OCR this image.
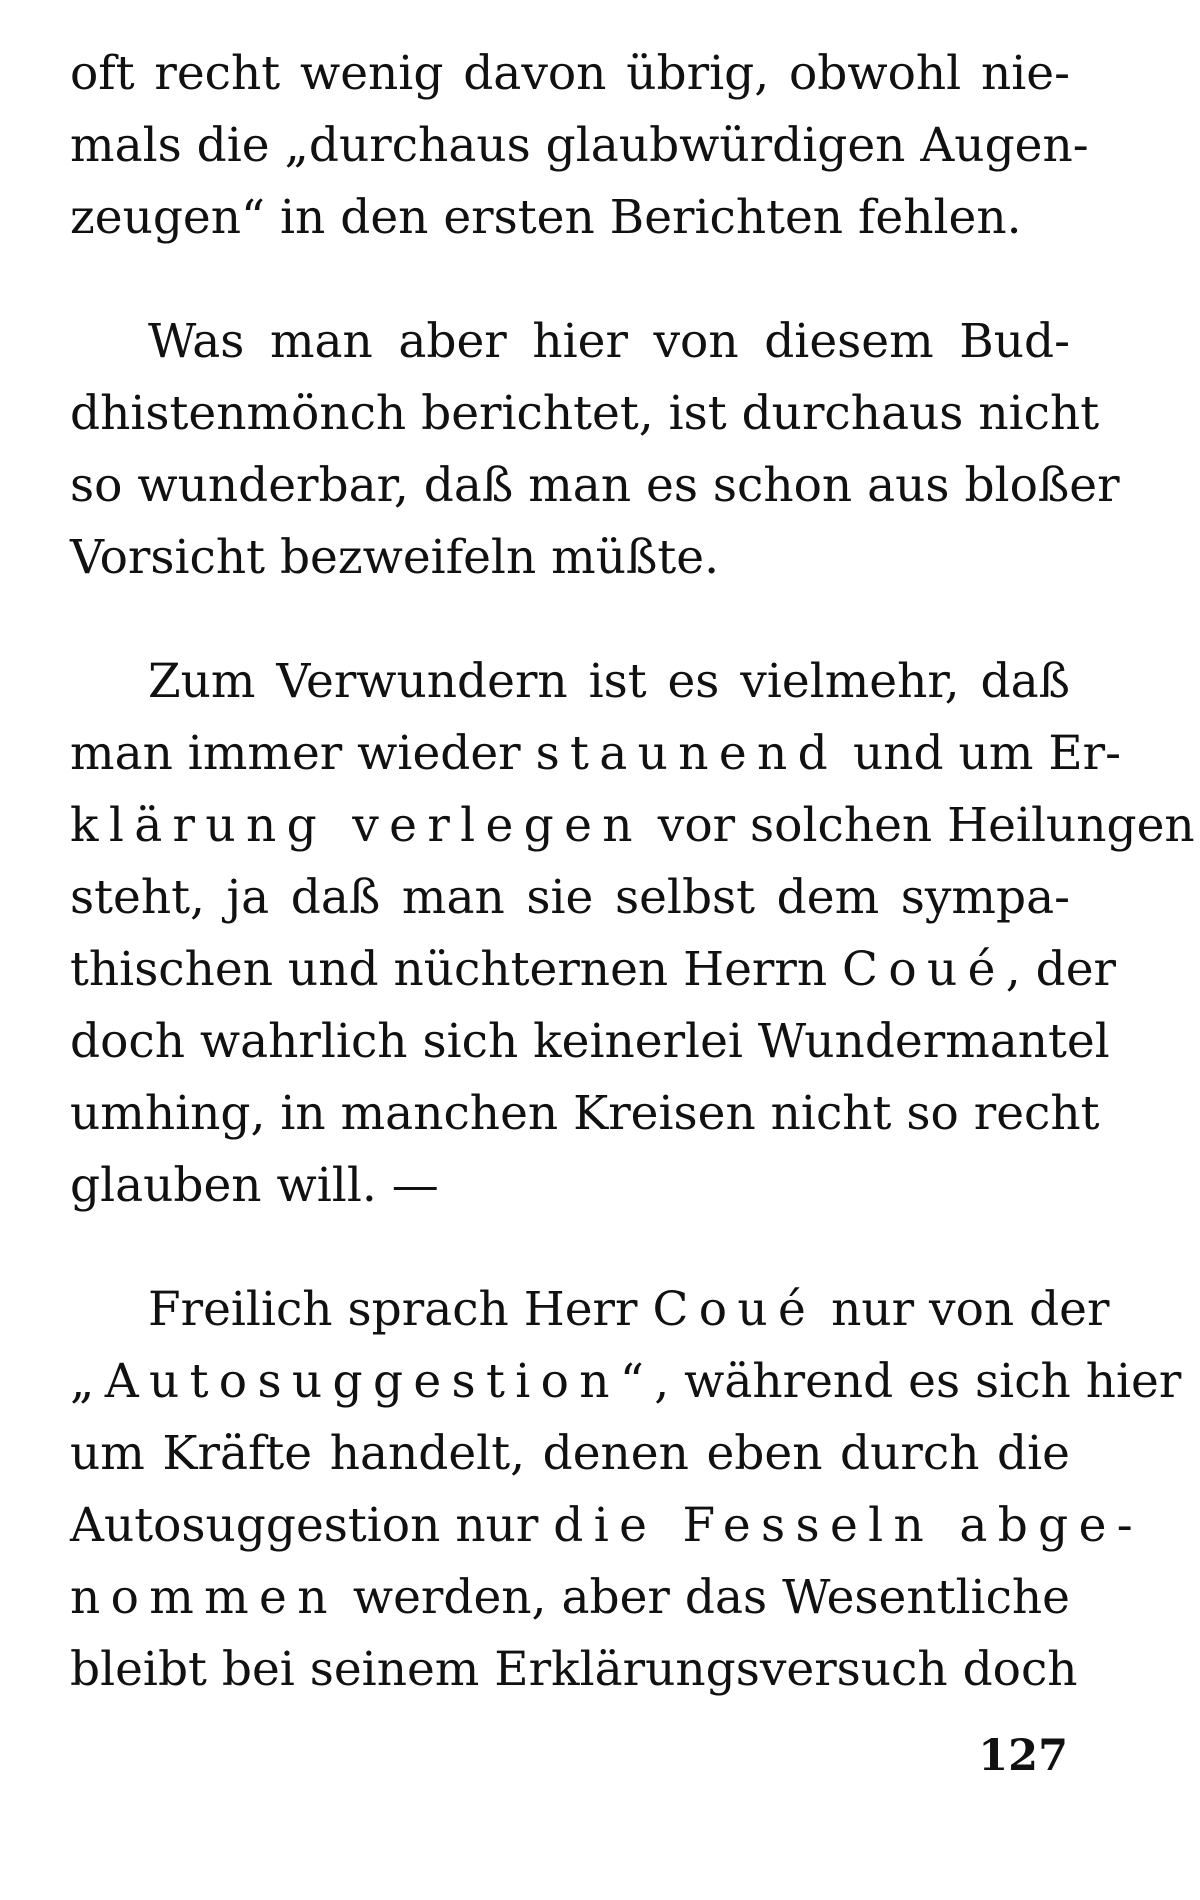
oft recht wenig davon übrig, obwohl nie-
mals die „durchaus glaubwürdigen Augen-
zeugen“ in den ersten Berichten fehlen.
Was man aber hier von diesem Bud-
dhistenmönch berichtet, ist durchaus nicht
so wunderbar, daß man es schon aus bloßer
Vorsicht bezweifeln müßte.
Zum Verwundern ist es vielmehr, daß
man immer wieder staunend und um Er-
klärung verlegen vor solchen Heilungen
steht, ja daß man sie selbst dem sympa-
thischen und nüchternen Herrn Coué, der
doch wahrlich sich keinerlei Wundermantel
umhing, in manchen Kreisen nicht so recht
glauben will. —
Freilich sprach Herr Coué nur von der
„Autosuggestion“, während es sich hier
um Kräfte handelt, denen eben durch die
Autosuggestion nur die Fesseln abge-
nommen werden, aber das Wesentliche
bleibt bei seinem Erklärungsversuch doch
127
